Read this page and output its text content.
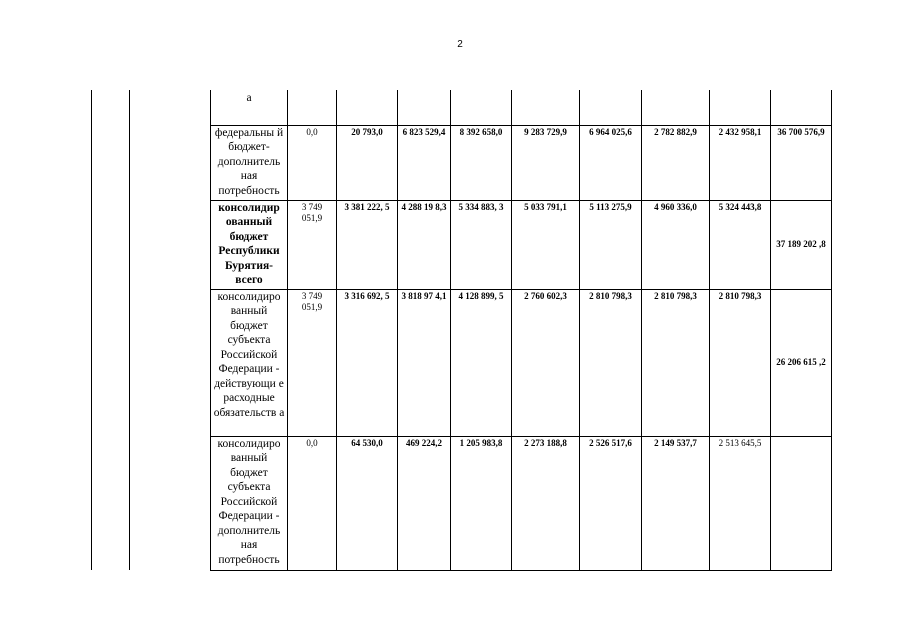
2
		а									
		федеральны й бюджет-дополнитель ная потребность	0,0	20 793,0	6 823 529,4	8 392 658,0	9 283 729,9	6 964 025,6	2 782 882,9	2 432 958,1	36 700 576,9
		консолидир ованный бюджет Республики Бурятия-всего	3 749 051,9	3 381 222, 5	4 288 19 8,3	5 334 883, 3	5 033 791,1	5 113 275,9	4 960 336,0	5 324 443,8	37 189 202 ,8
		консолидиро ванный бюджет субъекта Российской Федерации - действующи е расходные обязательств а	3 749 051,9	3 316 692, 5	3 818 97 4,1	4 128 899, 5	2 760 602,3	2 810 798,3	2 810 798,3	2 810 798,3	26 206 615 ,2
		консолидиро ванный бюджет субъекта Российской Федерации - дополнитель ная потребность	0,0	64 530,0	469 224,2	1 205 983,8	2 273 188,8	2 526 517,6	2 149 537,7	2 513 645,5	
